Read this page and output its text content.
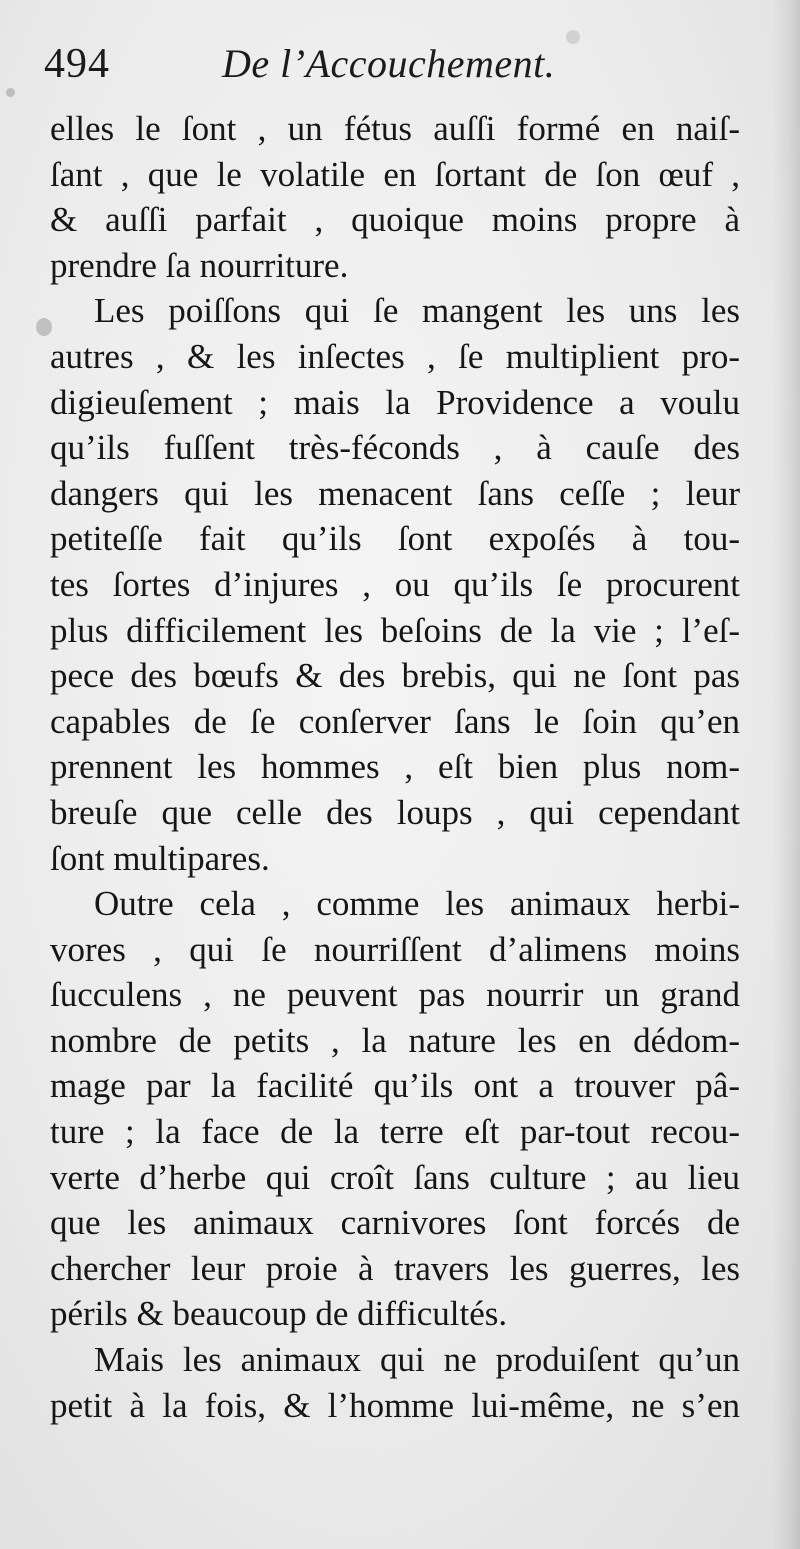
494	De l’Accouchement.
elles le ſont , un fétus auſſi formé en naiſ-
ſant , que le volatile en ſortant de ſon œuf ,
& auſſi parfait , quoique moins propre à
prendre ſa nourriture.
Les poiſſons qui ſe mangent les uns les
autres , & les inſectes , ſe multiplient pro-
digieuſement ; mais la Providence a voulu
qu’ils fuſſent très-féconds , à cauſe des
dangers qui les menacent ſans ceſſe ; leur
petiteſſe fait qu’ils ſont expoſés à tou-
tes ſortes d’injures , ou qu’ils ſe procurent
plus difficilement les beſoins de la vie ; l’eſ-
pece des bœufs & des brebis, qui ne ſont pas
capables de ſe conſerver ſans le ſoin qu’en
prennent les hommes , eſt bien plus nom-
breuſe que celle des loups , qui cependant
ſont multipares.
Outre cela , comme les animaux herbi-
vores , qui ſe nourriſſent d’alimens moins
ſucculens , ne peuvent pas nourrir un grand
nombre de petits , la nature les en dédom-
mage par la facilité qu’ils ont a trouver pâ-
ture ; la face de la terre eſt par-tout recou-
verte d’herbe qui croît ſans culture ; au lieu
que les animaux carnivores ſont forcés de
chercher leur proie à travers les guerres, les
périls & beaucoup de difficultés.
Mais les animaux qui ne produiſent qu’un
petit à la fois, & l’homme lui-même, ne s’en
